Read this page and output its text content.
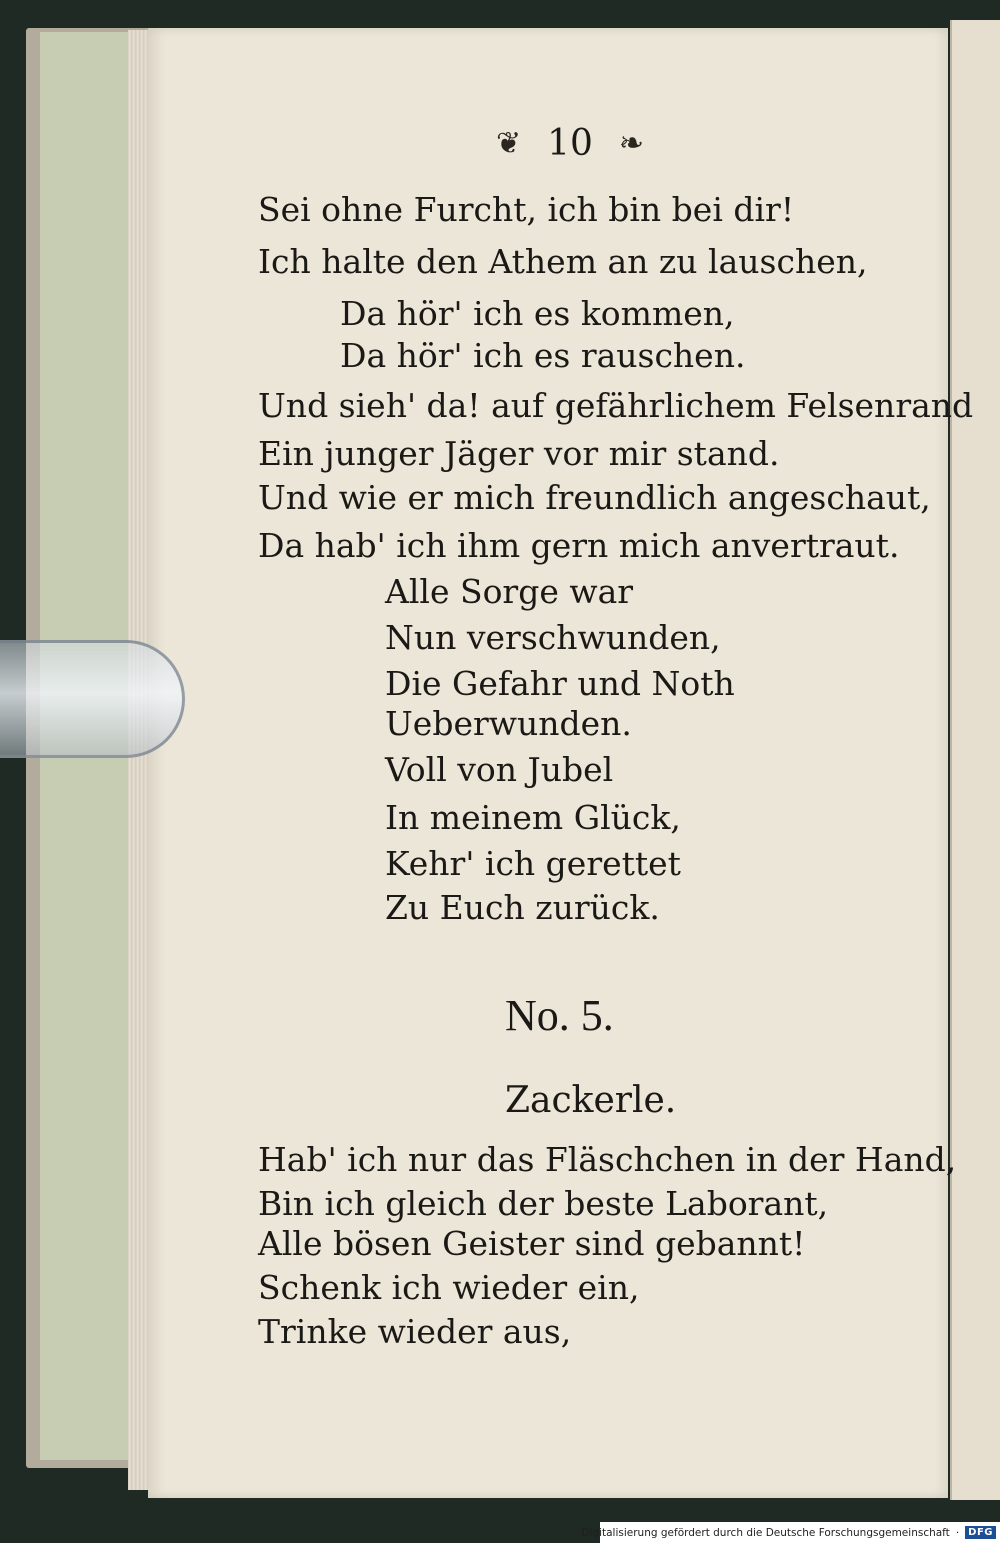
❦ 10 ❧
Sei ohne Furcht, ich bin bei dir!
Ich halte den Athem an zu lauschen,
Da hör' ich es kommen,
Da hör' ich es rauschen.
Und sieh' da! auf gefährlichem Felsenrand
Ein junger Jäger vor mir stand.
Und wie er mich freundlich angeschaut,
Da hab' ich ihm gern mich anvertraut.
Alle Sorge war
Nun verschwunden,
Die Gefahr und Noth
Ueberwunden.
Voll von Jubel
In meinem Glück,
Kehr' ich gerettet
Zu Euch zurück.
No. 5.
Zackerle.
Hab' ich nur das Fläschchen in der Hand,
Bin ich gleich der beste Laborant,
Alle bösen Geister sind gebannt!
Schenk ich wieder ein,
Trinke wieder aus,
Digitalisierung gefördert durch die Deutsche Forschungsgemeinschaft · DFG
